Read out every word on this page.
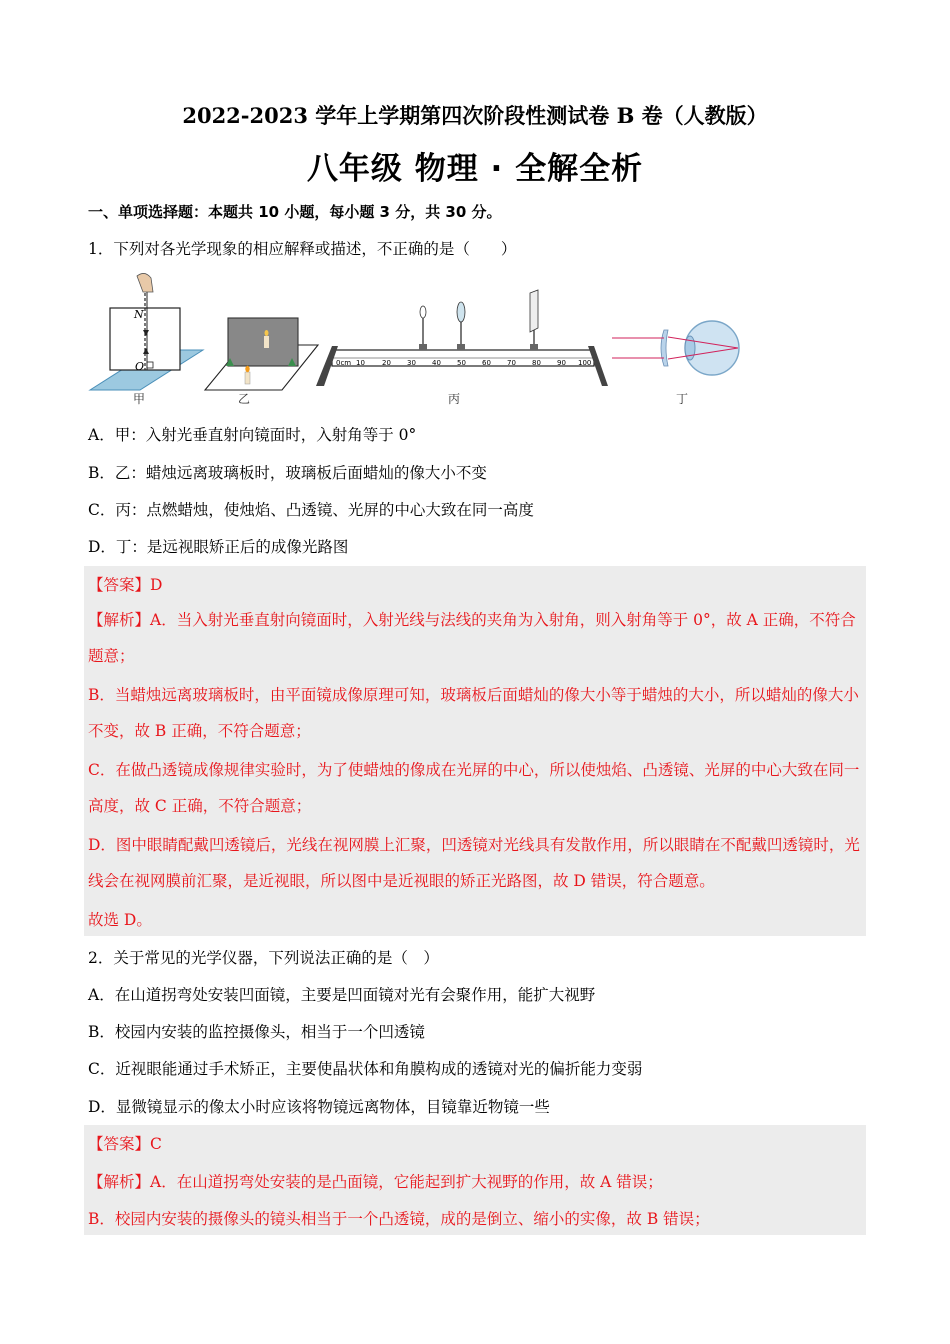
2022-2023 学年上学期第四次阶段性测试卷 B 卷（人教版）
八年级 物理 · 全解全析
一、单项选择题：本题共 10 小题，每小题 3 分，共 30 分。
1．下列对各光学现象的相应解释或描述，不正确的是（　　）
N
O	0cm 10 20 30 40 50 60 70 80 90 100
甲	乙	丙	丁
A．甲：入射光垂直射向镜面时，入射角等于 0°
B．乙：蜡烛远离玻璃板时，玻璃板后面蜡灿的像大小不变
C．丙：点燃蜡烛，使烛焰、凸透镜、光屏的中心大致在同一高度
D．丁：是远视眼矫正后的成像光路图
【答案】D
【解析】A．当入射光垂直射向镜面时，入射光线与法线的夹角为入射角，则入射角等于 0°，故 A 正确，不符合题意；
B．当蜡烛远离玻璃板时，由平面镜成像原理可知，玻璃板后面蜡灿的像大小等于蜡烛的大小，所以蜡灿的像大小不变，故 B 正确，不符合题意；
C．在做凸透镜成像规律实验时，为了使蜡烛的像成在光屏的中心，所以使烛焰、凸透镜、光屏的中心大致在同一高度，故 C 正确，不符合题意；
D．图中眼睛配戴凹透镜后，光线在视网膜上汇聚，凹透镜对光线具有发散作用，所以眼睛在不配戴凹透镜时，光线会在视网膜前汇聚，是近视眼，所以图中是近视眼的矫正光路图，故 D 错误，符合题意。
故选 D。
2．关于常见的光学仪器，下列说法正确的是（　）
A．在山道拐弯处安装凹面镜，主要是凹面镜对光有会聚作用，能扩大视野
B．校园内安装的监控摄像头，相当于一个凹透镜
C．近视眼能通过手术矫正，主要使晶状体和角膜构成的透镜对光的偏折能力变弱
D．显微镜显示的像太小时应该将物镜远离物体，目镜靠近物镜一些
【答案】C
【解析】A．在山道拐弯处安装的是凸面镜，它能起到扩大视野的作用，故 A 错误；
B．校园内安装的摄像头的镜头相当于一个凸透镜，成的是倒立、缩小的实像，故 B 错误；
